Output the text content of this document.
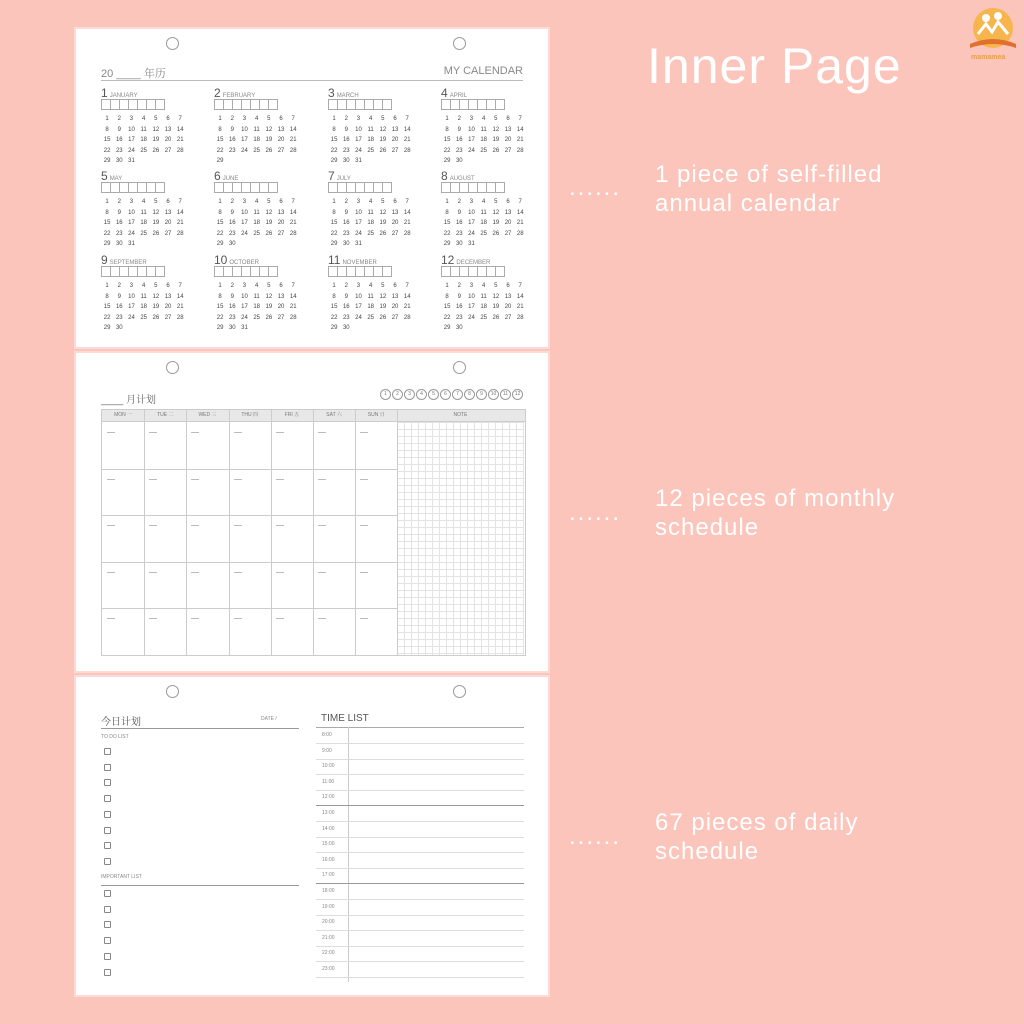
20 ____ 年历	MY CALENDAR
1 JANUARY
1	2	3	4	5	6	7
8	9	10 11 12 13 14
15 16 17 18 19 20 21
22 23 24 25 26 27 28
29 30 31
2 FEBRUARY
1	2	3	4	5	6	7
8	9	10 11 12 13 14
15 16 17 18 19 20 21
22 23 24 25 26 27 28
29
3 MARCH
1	2	3	4	5	6	7
8	9	10 11 12 13 14
15 16 17 18 19 20 21
22 23 24 25 26 27 28
29 30 31
4 APRIL
1	2	3	4	5	6	7
8	9	10 11 12 13 14
15 16 17 18 19 20 21
22 23 24 25 26 27 28
29 30
5 MAY
1	2	3	4	5	6	7
8	9	10 11 12 13 14
15 16 17 18 19 20 21
22 23 24 25 26 27 28
29 30 31
6 JUNE
1	2	3	4	5	6	7
8	9	10 11 12 13 14
15 16 17 18 19 20 21
22 23 24 25 26 27 28
29 30
7 JULY
1	2	3	4	5	6	7
8	9	10 11 12 13 14
15 16 17 18 19 20 21
22 23 24 25 26 27 28
29 30 31
8 AUGUST
1	2	3	4	5	6	7
8	9	10 11 12 13 14
15 16 17 18 19 20 21
22 23 24 25 26 27 28
29 30 31
9 SEPTEMBER
1	2	3	4	5	6	7
8	9	10 11 12 13 14
15 16 17 18 19 20 21
22 23 24 25 26 27 28
29 30
10 OCTOBER
1	2	3	4	5	6	7
8	9	10 11 12 13 14
15 16 17 18 19 20 21
22 23 24 25 26 27 28
29 30 31
11 NOVEMBER
1	2	3	4	5	6	7
8	9	10 11 12 13 14
15 16 17 18 19 20 21
22 23 24 25 26 27 28
29 30
12 DECEMBER
1	2	3	4	5	6	7
8	9	10 11 12 13 14
15 16 17 18 19 20 21
22 23 24 25 26 27 28
29 30
____ 月计划
1	2	3	4	5	6	7	8	9	10	11	12
MON 一	TUE 二	WED 三	THU 四	FRI 五	SAT 六	SUN 日	NOTE
今日计划	DATE /
TO DO LIST
IMPORTANT LIST
TIME LIST
8:00
9:00
10:00
11:00
12:00
13:00
14:00
15:00
16:00
17:00
18:00
19:00
20:00
21:00
22:00
23:00
Inner Page	mamamea
...... 1 piece of self-filled
annual calendar
......
12 pieces of monthly
schedule
......
67 pieces of daily
schedule
